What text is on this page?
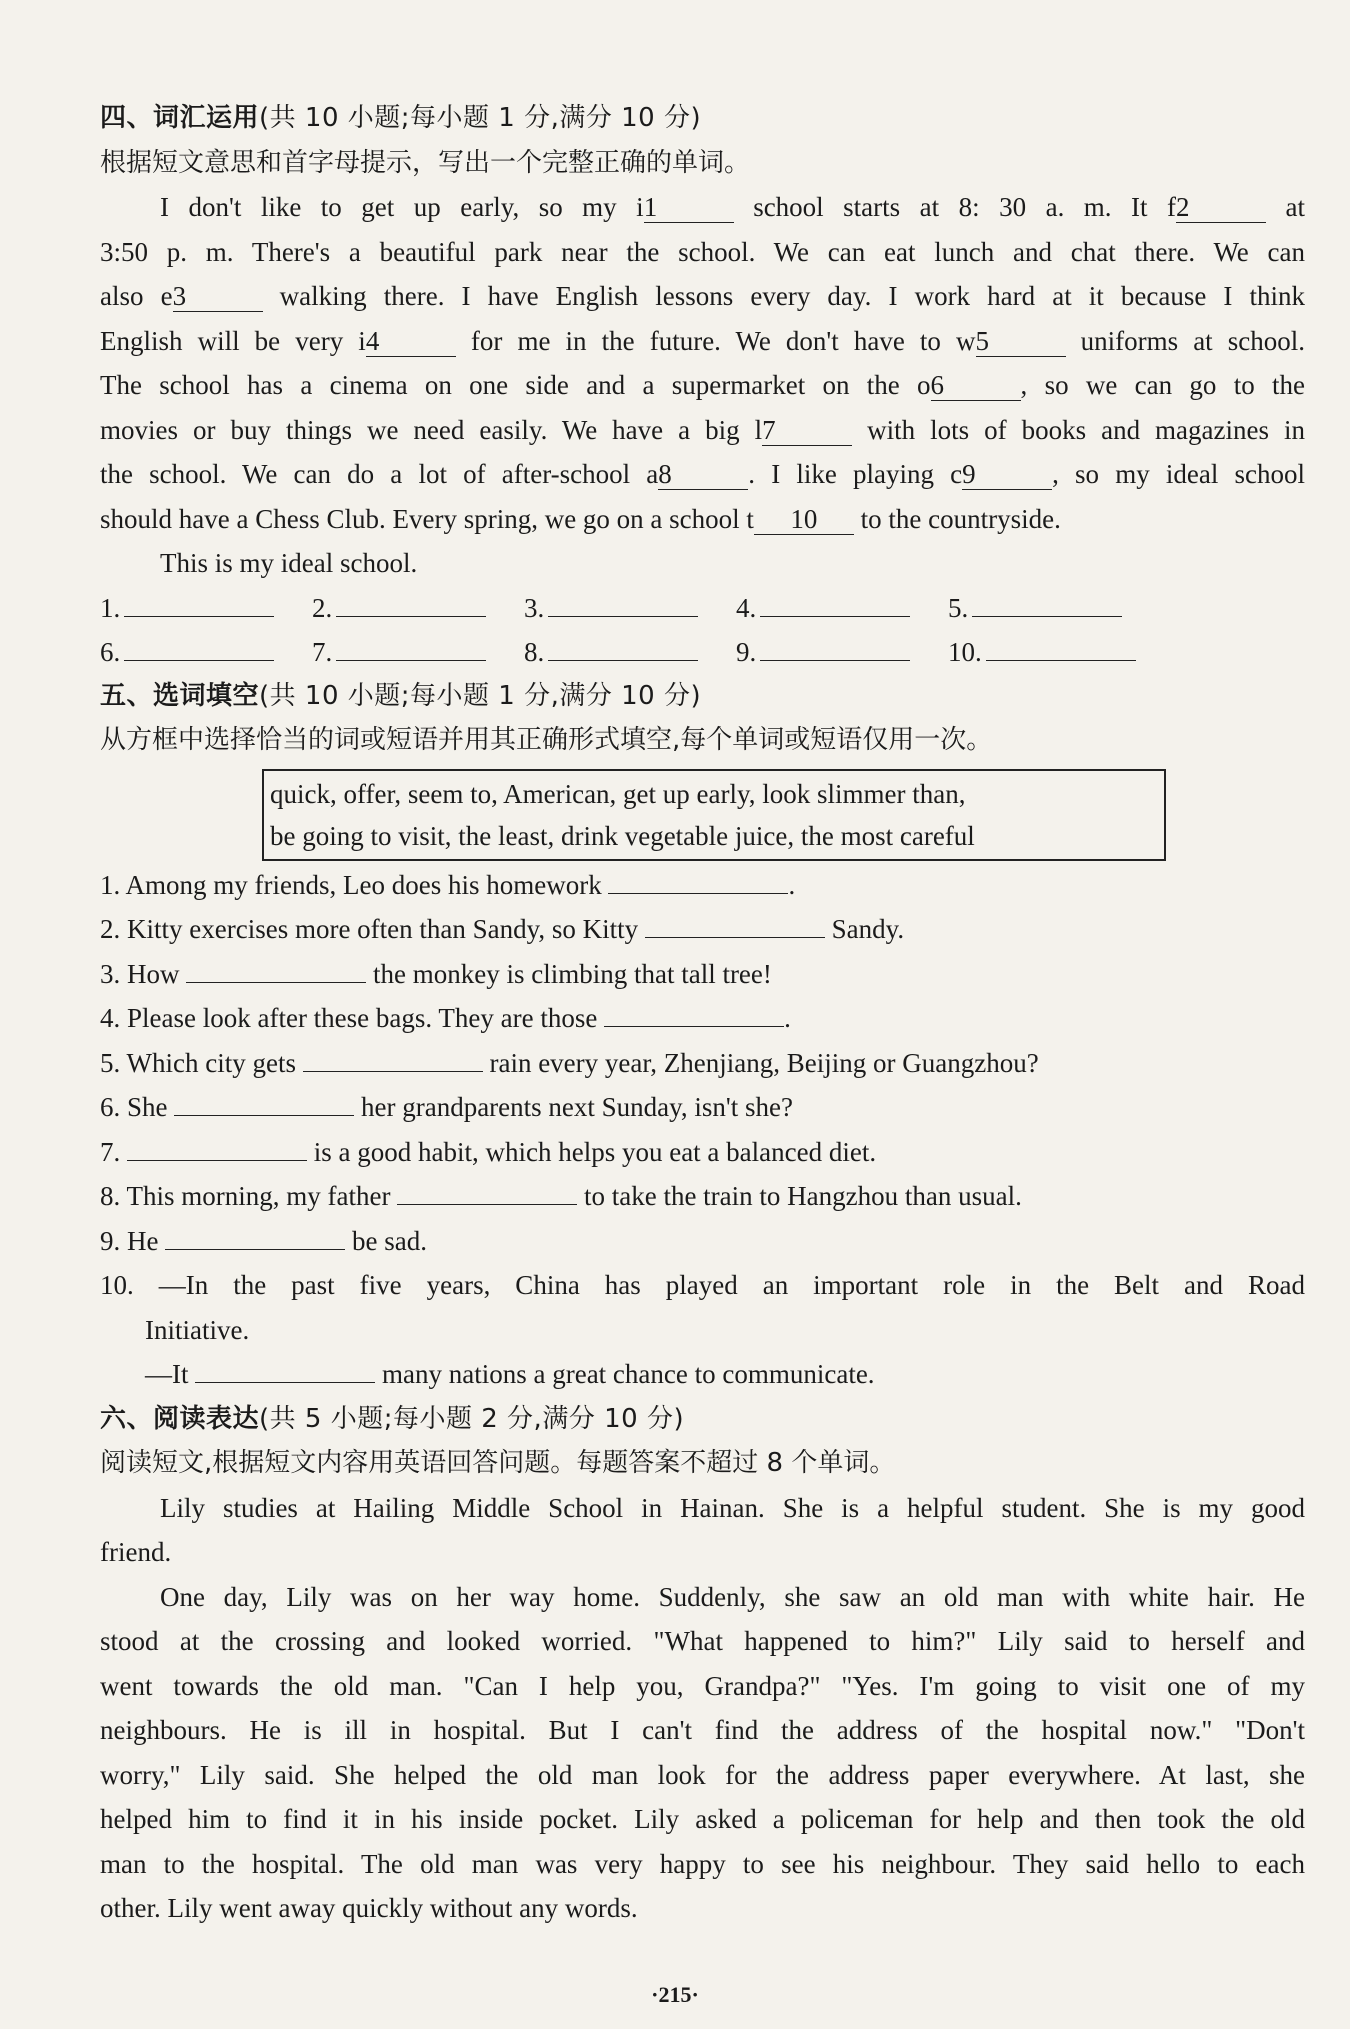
四、词汇运用(共 10 小题;每小题 1 分,满分 10 分)

根据短文意思和首字母提示，写出一个完整正确的单词。

I don't like to get up early, so my i1	school starts at 8: 30 a. m. It f2	at

3:50 p. m. There's a beautiful park near the school. We can eat lunch and chat there. We can

also e3	walking there. I have English lessons every day. I work hard at it because I think

English will be very i4	for me in the future. We don't have to w5	uniforms at school.

The school has a cinema on one side and a supermarket on the o6	, so we can go to the

movies or buy things we need easily. We have a big l7	with lots of books and magazines in

the school. We can do a lot of after-school a8	. I like playing c9	, so my ideal school

should have a Chess Club. Every spring, we go on a school t 10 to the countryside.

This is my ideal school.

1.	2.	3.	4.	5.
6.	7.	8.	9.	10.

五、选词填空(共 10 小题;每小题 1 分,满分 10 分)

从方框中选择恰当的词或短语并用其正确形式填空,每个单词或短语仅用一次。

quick, offer, seem to, American, get up early, look slimmer than,
be going to visit, the least, drink vegetable juice, the most careful

1. Among my friends, Leo does his homework	.

2. Kitty exercises more often than Sandy, so Kitty	Sandy.

3. How	the monkey is climbing that tall tree!

4. Please look after these bags. They are those	.

5. Which city gets	rain every year, Zhenjiang, Beijing or Guangzhou?

6. She	her grandparents next Sunday, isn't she?

7.	is a good habit, which helps you eat a balanced diet.

8. This morning, my father	to take the train to Hangzhou than usual.

9. He	be sad.

10. —In the past five years, China has played an important role in the Belt and Road

Initiative.

—It	many nations a great chance to communicate.

六、阅读表达(共 5 小题;每小题 2 分,满分 10 分)

阅读短文,根据短文内容用英语回答问题。每题答案不超过 8 个单词。

Lily studies at Hailing Middle School in Hainan. She is a helpful student. She is my good

friend.

One day, Lily was on her way home. Suddenly, she saw an old man with white hair. He

stood at the crossing and looked worried. "What happened to him?" Lily said to herself and

went towards the old man. "Can I help you, Grandpa?" "Yes. I'm going to visit one of my

neighbours. He is ill in hospital. But I can't find the address of the hospital now." "Don't

worry," Lily said. She helped the old man look for the address paper everywhere. At last, she

helped him to find it in his inside pocket. Lily asked a policeman for help and then took the old

man to the hospital. The old man was very happy to see his neighbour. They said hello to each

other. Lily went away quickly without any words.

·215·
